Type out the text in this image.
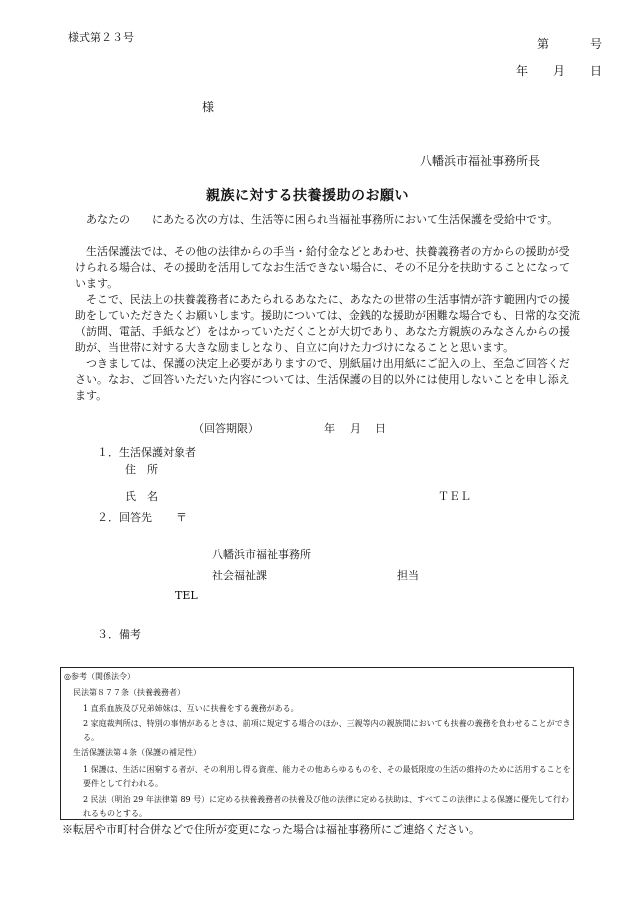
様式第２３号	第	号
年 月 日
様
八幡浜市福祉事務所長
親族に対する扶養援助のお願い

あなたの　　にあたる次の方は、生活等に困られ当福祉事務所において生活保護を受給中です。

生活保護法では、その他の法律からの手当・給付金などとあわせ、扶養義務者の方からの援助が受けられる場合は、その援助を活用してなお生活できない場合に、その不足分を扶助することになっています。

そこで、民法上の扶養義務者にあたられるあなたに、あなたの世帯の生活事情が許す範囲内での援助をしていただきたくお願いします。援助については、金銭的な援助が困難な場合でも、日常的な交流（訪問、電話、手紙など）をはかっていただくことが大切であり、あなた方親族のみなさんからの援助が、当世帯に対する大きな励ましとなり、自立に向けた力づけになることと思います。

つきましては、保護の決定上必要がありますので、別紙届け出用紙にご記入の上、至急ご回答ください。なお、ご回答いただいた内容については、生活保護の目的以外には使用しないことを申し添えます。

（回答期限）	年 月 日
１．生活保護対象者
住　所
氏　名	ＴＥＬ
２．回答先 〒
八幡浜市福祉事務所
社会福祉課	担当
TEL
３．備考
◎参考（関係法令）
民法第８７７条（扶養義務者）
1 直系血族及び兄弟姉妹は、互いに扶養をする義務がある。
2 家庭裁判所は、特別の事情があるときは、前項に規定する場合のほか、三親等内の親族間においても扶養の義務を負わせることができる。
生活保護法第４条（保護の補足性）
1 保護は、生活に困窮する者が、その利用し得る資産、能力その他あらゆるものを、その最低限度の生活の維持のために活用することを要件として行われる。
2 民法（明治 29 年法律第 89 号）に定める扶養義務者の扶養及び他の法律に定める扶助は、すべてこの法律による保護に優先して行われるものとする。
※転居や市町村合併などで住所が変更になった場合は福祉事務所にご連絡ください。
